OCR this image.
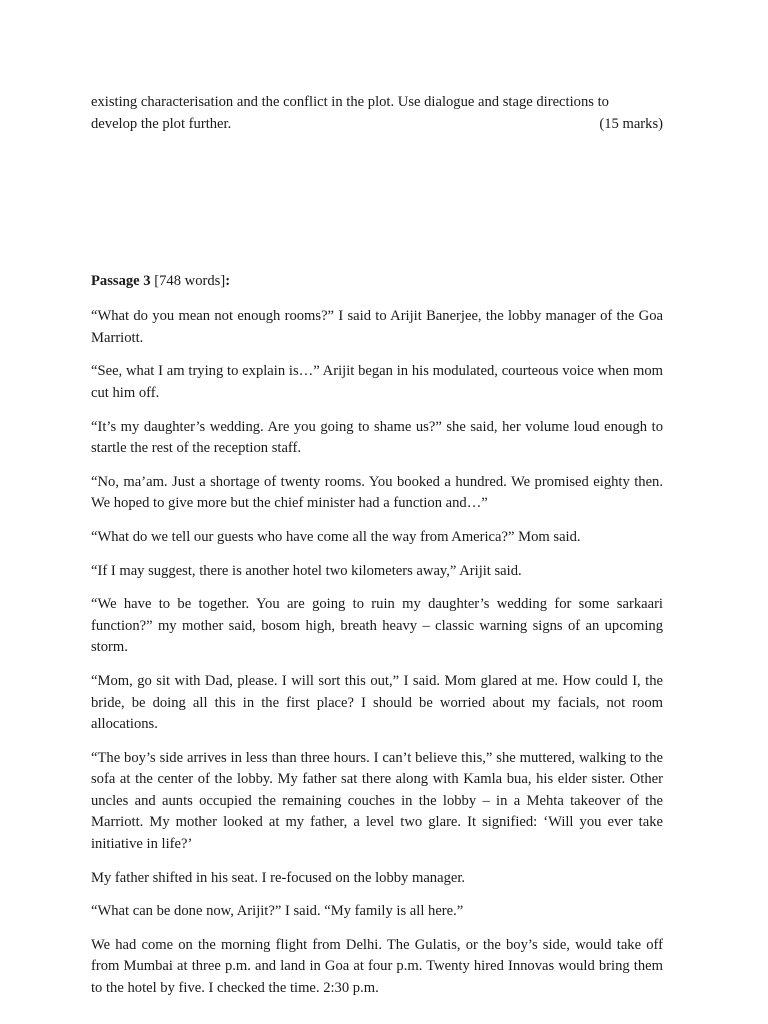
existing characterisation and the conflict in the plot. Use dialogue and stage directions to

develop the plot further.	(15 marks)

Passage 3 [748 words]:

“What do you mean not enough rooms?” I said to Arijit Banerjee, the lobby manager of the Goa Marriott.

“See, what I am trying to explain is…” Arijit began in his modulated, courteous voice when mom cut him off.

“It’s my daughter’s wedding. Are you going to shame us?” she said, her volume loud enough to startle the rest of the reception staff.

“No, ma’am. Just a shortage of twenty rooms. You booked a hundred. We promised eighty then. We hoped to give more but the chief minister had a function and…”

“What do we tell our guests who have come all the way from America?” Mom said.

“If I may suggest, there is another hotel two kilometers away,” Arijit said.

“We have to be together. You are going to ruin my daughter’s wedding for some sarkaari function?” my mother said, bosom high, breath heavy – classic warning signs of an upcoming storm.

“Mom, go sit with Dad, please. I will sort this out,” I said. Mom glared at me. How could I, the bride, be doing all this in the first place? I should be worried about my facials, not room allocations.

“The boy’s side arrives in less than three hours. I can’t believe this,” she muttered, walking to the sofa at the center of the lobby. My father sat there along with Kamla bua, his elder sister. Other uncles and aunts occupied the remaining couches in the lobby – in a Mehta takeover of the Marriott. My mother looked at my father, a level two glare. It signified: ‘Will you ever take initiative in life?’

My father shifted in his seat. I re-focused on the lobby manager.

“What can be done now, Arijit?” I said. “My family is all here.”

We had come on the morning flight from Delhi. The Gulatis, or the boy’s side, would take off from Mumbai at three p.m. and land in Goa at four p.m. Twenty hired Innovas would bring them to the hotel by five. I checked the time. 2:30 p.m.
